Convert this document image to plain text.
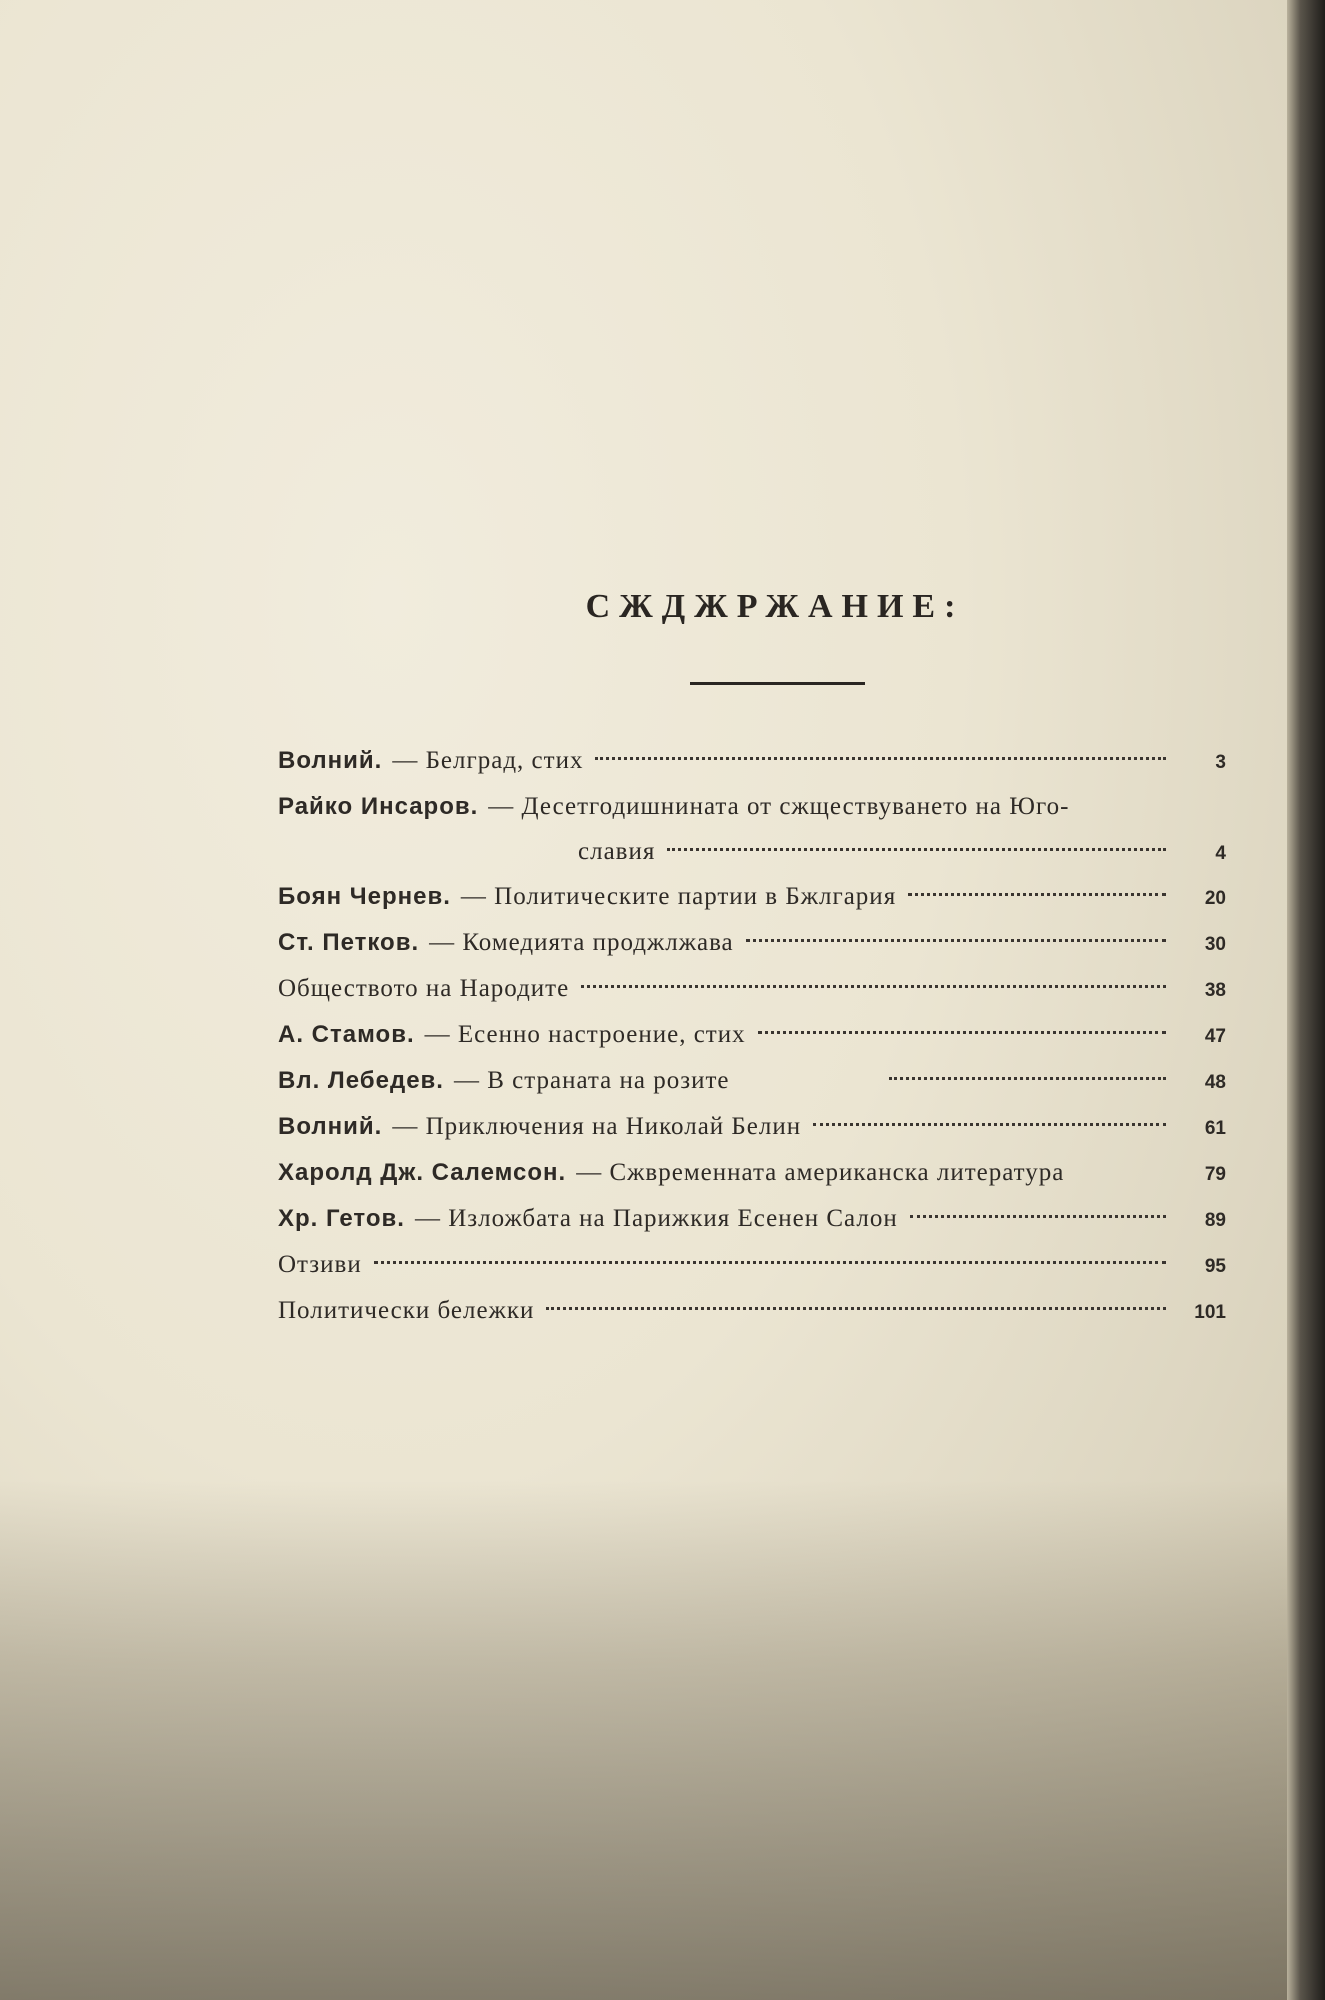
СЖДЖРЖАНИЕ:
Волний. — Белград, стих	3
Райко Инсаров. — Десетгодишнината от сжществуването на Юго-
славия	4
Боян Чернев. — Политическите партии в Бжлгария	20
Ст. Петков. — Комедията проджлжава	30
Обществото на Народите	38
А. Стамов. — Есенно настроение, стих	47
Вл. Лебедев. — В страната на розите	48
Волний. — Приключения на Николай Белин	61
Харолд Дж. Салемсон. — Сжвременната американска литература	79
Хр. Гетов. — Изложбата на Парижкия Есенен Салон	89
Отзиви	95
Политически бележки	101
